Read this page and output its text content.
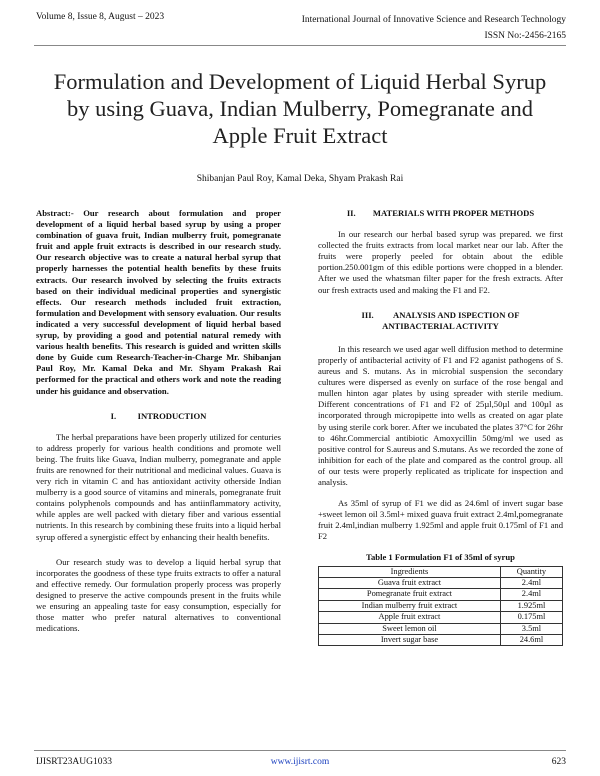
Volume 8, Issue 8, August – 2023	International Journal of Innovative Science and Research Technology
ISSN No:-2456-2165
Formulation and Development of Liquid Herbal Syrup
by using Guava, Indian Mulberry, Pomegranate and
Apple Fruit Extract
Shibanjan Paul Roy, Kamal Deka, Shyam Prakash Rai

Abstract:- Our research about formulation and proper development of a liquid herbal based syrup by using a proper combination of guava fruit, Indian mulberry fruit, pomegranate fruit and apple fruit extracts is described in our research study. Our research objective was to create a natural herbal syrup that properly harnesses the potential health benefits by these fruits extracts. Our research involved by selecting the fruits extracts based on their individual medicinal properties and synergistic effects. Our research methods included fruit extraction, formulation and Development with sensory evaluation. Our results indicated a very successful development of liquid herbal based syrup, by providing a good and potential natural remedy with various health benefits. This research is guided and written skills done by Guide cum Research-Teacher-in-Charge Mr. Shibanjan Paul Roy, Mr. Kamal Deka and Mr. Shyam Prakash Rai performed for the practical and others work and note the reading under his guidance and observation.

I.          INTRODUCTION

The herbal preparations have been properly utilized for centuries to address properly for various health conditions and promote well being. The fruits like Guava, Indian mulberry, pomegranate and apple fruits are renowned for their nutritional and medicinal values. Guava is very rich in vitamin C and has antioxidant activity otherside Indian mulberry is a good source of vitamins and minerals, pomegranate fruit contains polyphenols compounds and has antiinflammatory activity, while apples are well packed with dietary fiber and various essential nutrients. In this research by combining these fruits into a liquid herbal syrup offered a synergistic effect by enhancing their health benefits.

Our research study was to develop a liquid herbal syrup that incorporates the goodness of these type fruits extracts to offer a natural and effective remedy. Our formulation properly process was properly designed to preserve the active compounds present in the fruits while we ensuring an appealing taste for easy consumption, especially for those matter who prefer natural alternatives to conventional medications.

II.        MATERIALS WITH PROPER METHODS

In our research our herbal based syrup was prepared. we first collected the fruits extracts from local market near our lab. After the fruits were properly peeled for obtain about the edible portion.250.001gm of this edible portions were chopped in a blender. After we used the whatsman filter paper for the fresh extracts. After our fresh extracts used and making the F1 and F2.

III.         ANALYSIS AND ISPECTION OF
ANTIBACTERIAL ACTIVITY

In this research we used agar well diffusion method to determine properly of antibacterial activity of F1 and F2 aganist pathogens of S. aureus and S. mutans. As in microbial suspension the secondary cultures were dispersed as evenly on surface of the rose bengal and mullen hinton agar plates by using spreader with sterile medium. Different concentrations of F1 and F2 of 25µl,50µl and 100µl as incorporated through micropipette into wells as created on agar plate by using sterile cork borer. After we incubated the plates 37°C for 26hr to 46hr.Commercial antibiotic Amoxycillin 50mg/ml we used as positive control for S.aureus and S.mutans. As we recorded the zone of inhibition for each of the plate and compared as the control group. all of our tests were properly replicated as triplicate for inspection and analysis.

As 35ml of syrup of F1 we did as 24.6ml of invert sugar base +sweet lemon oil 3.5ml+ mixed guava fruit extract 2.4ml,pomegranate fruit 2.4ml,indian mulberry 1.925ml and apple fruit 0.175ml of F1 and F2

Table 1 Formulation F1 of 35ml of syrup
Ingredients	Quantity
Guava fruit extract	2.4ml
Pomegranate fruit extract	2.4ml
Indian mulberry fruit extract	1.925ml
Apple fruit extract	0.175ml
Sweet lemon oil	3.5ml
Invert sugar base	24.6ml
IJISRT23AUG1033	www.ijisrt.com	623
